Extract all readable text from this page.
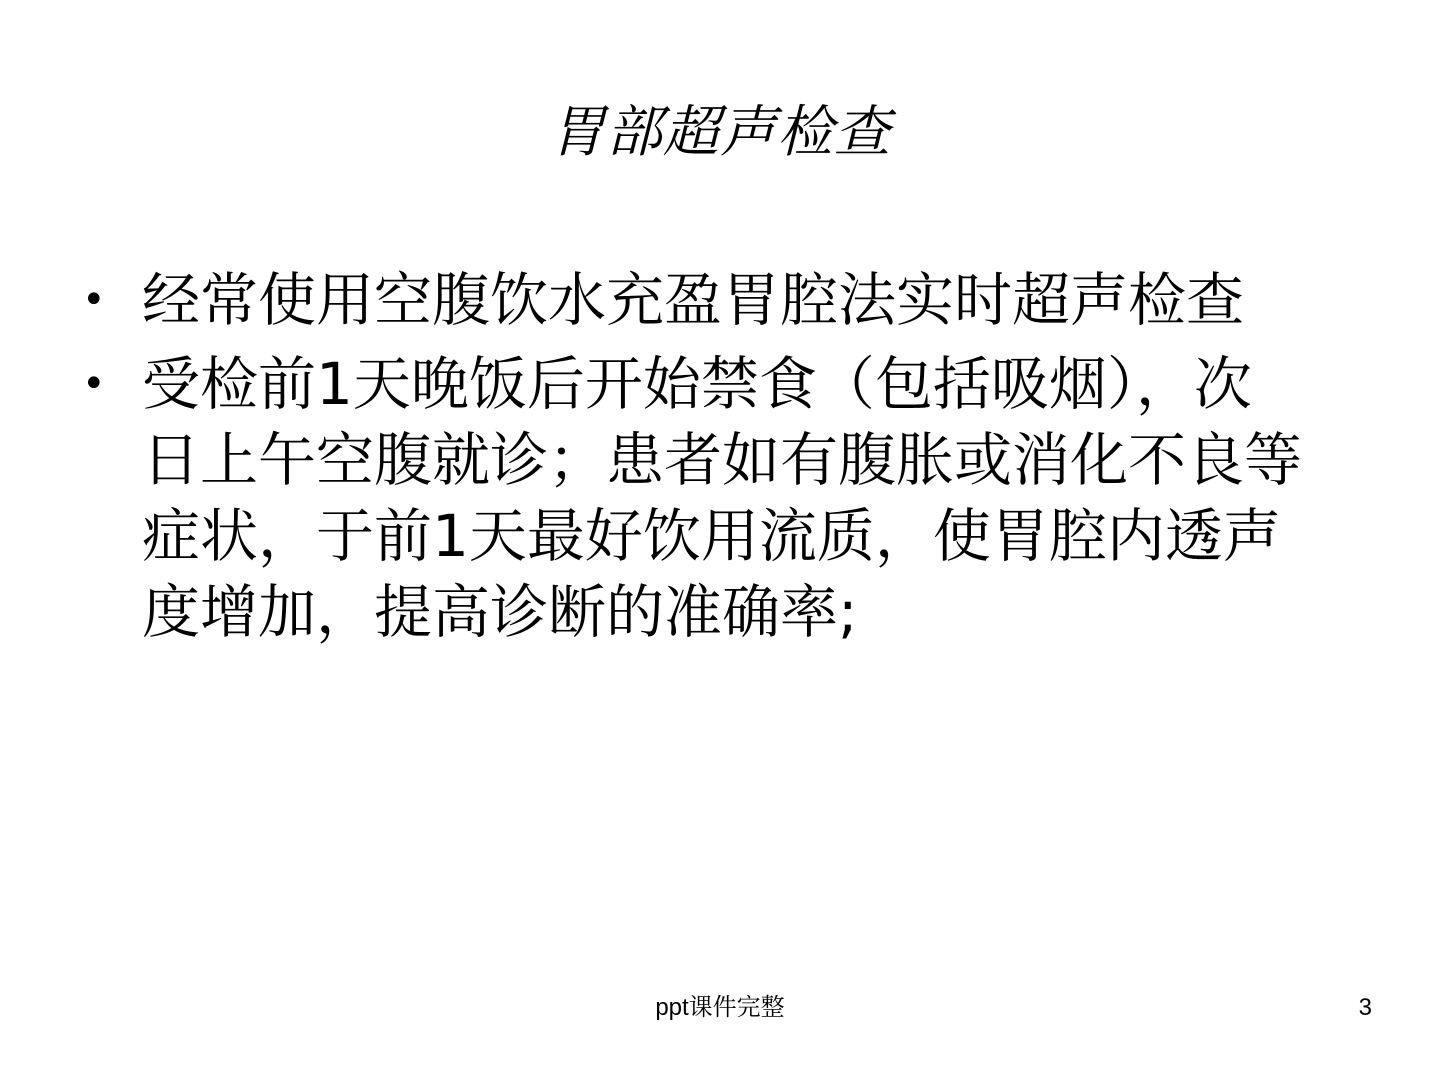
胃部超声检查
• 经常使用空腹饮水充盈胃腔法实时超声检查
• 受检前1天晚饭后开始禁食（包括吸烟），次日上午空腹就诊；患者如有腹胀或消化不良等症状，于前1天最好饮用流质，使胃腔内透声度增加，提高诊断的准确率;
ppt课件完整	3
